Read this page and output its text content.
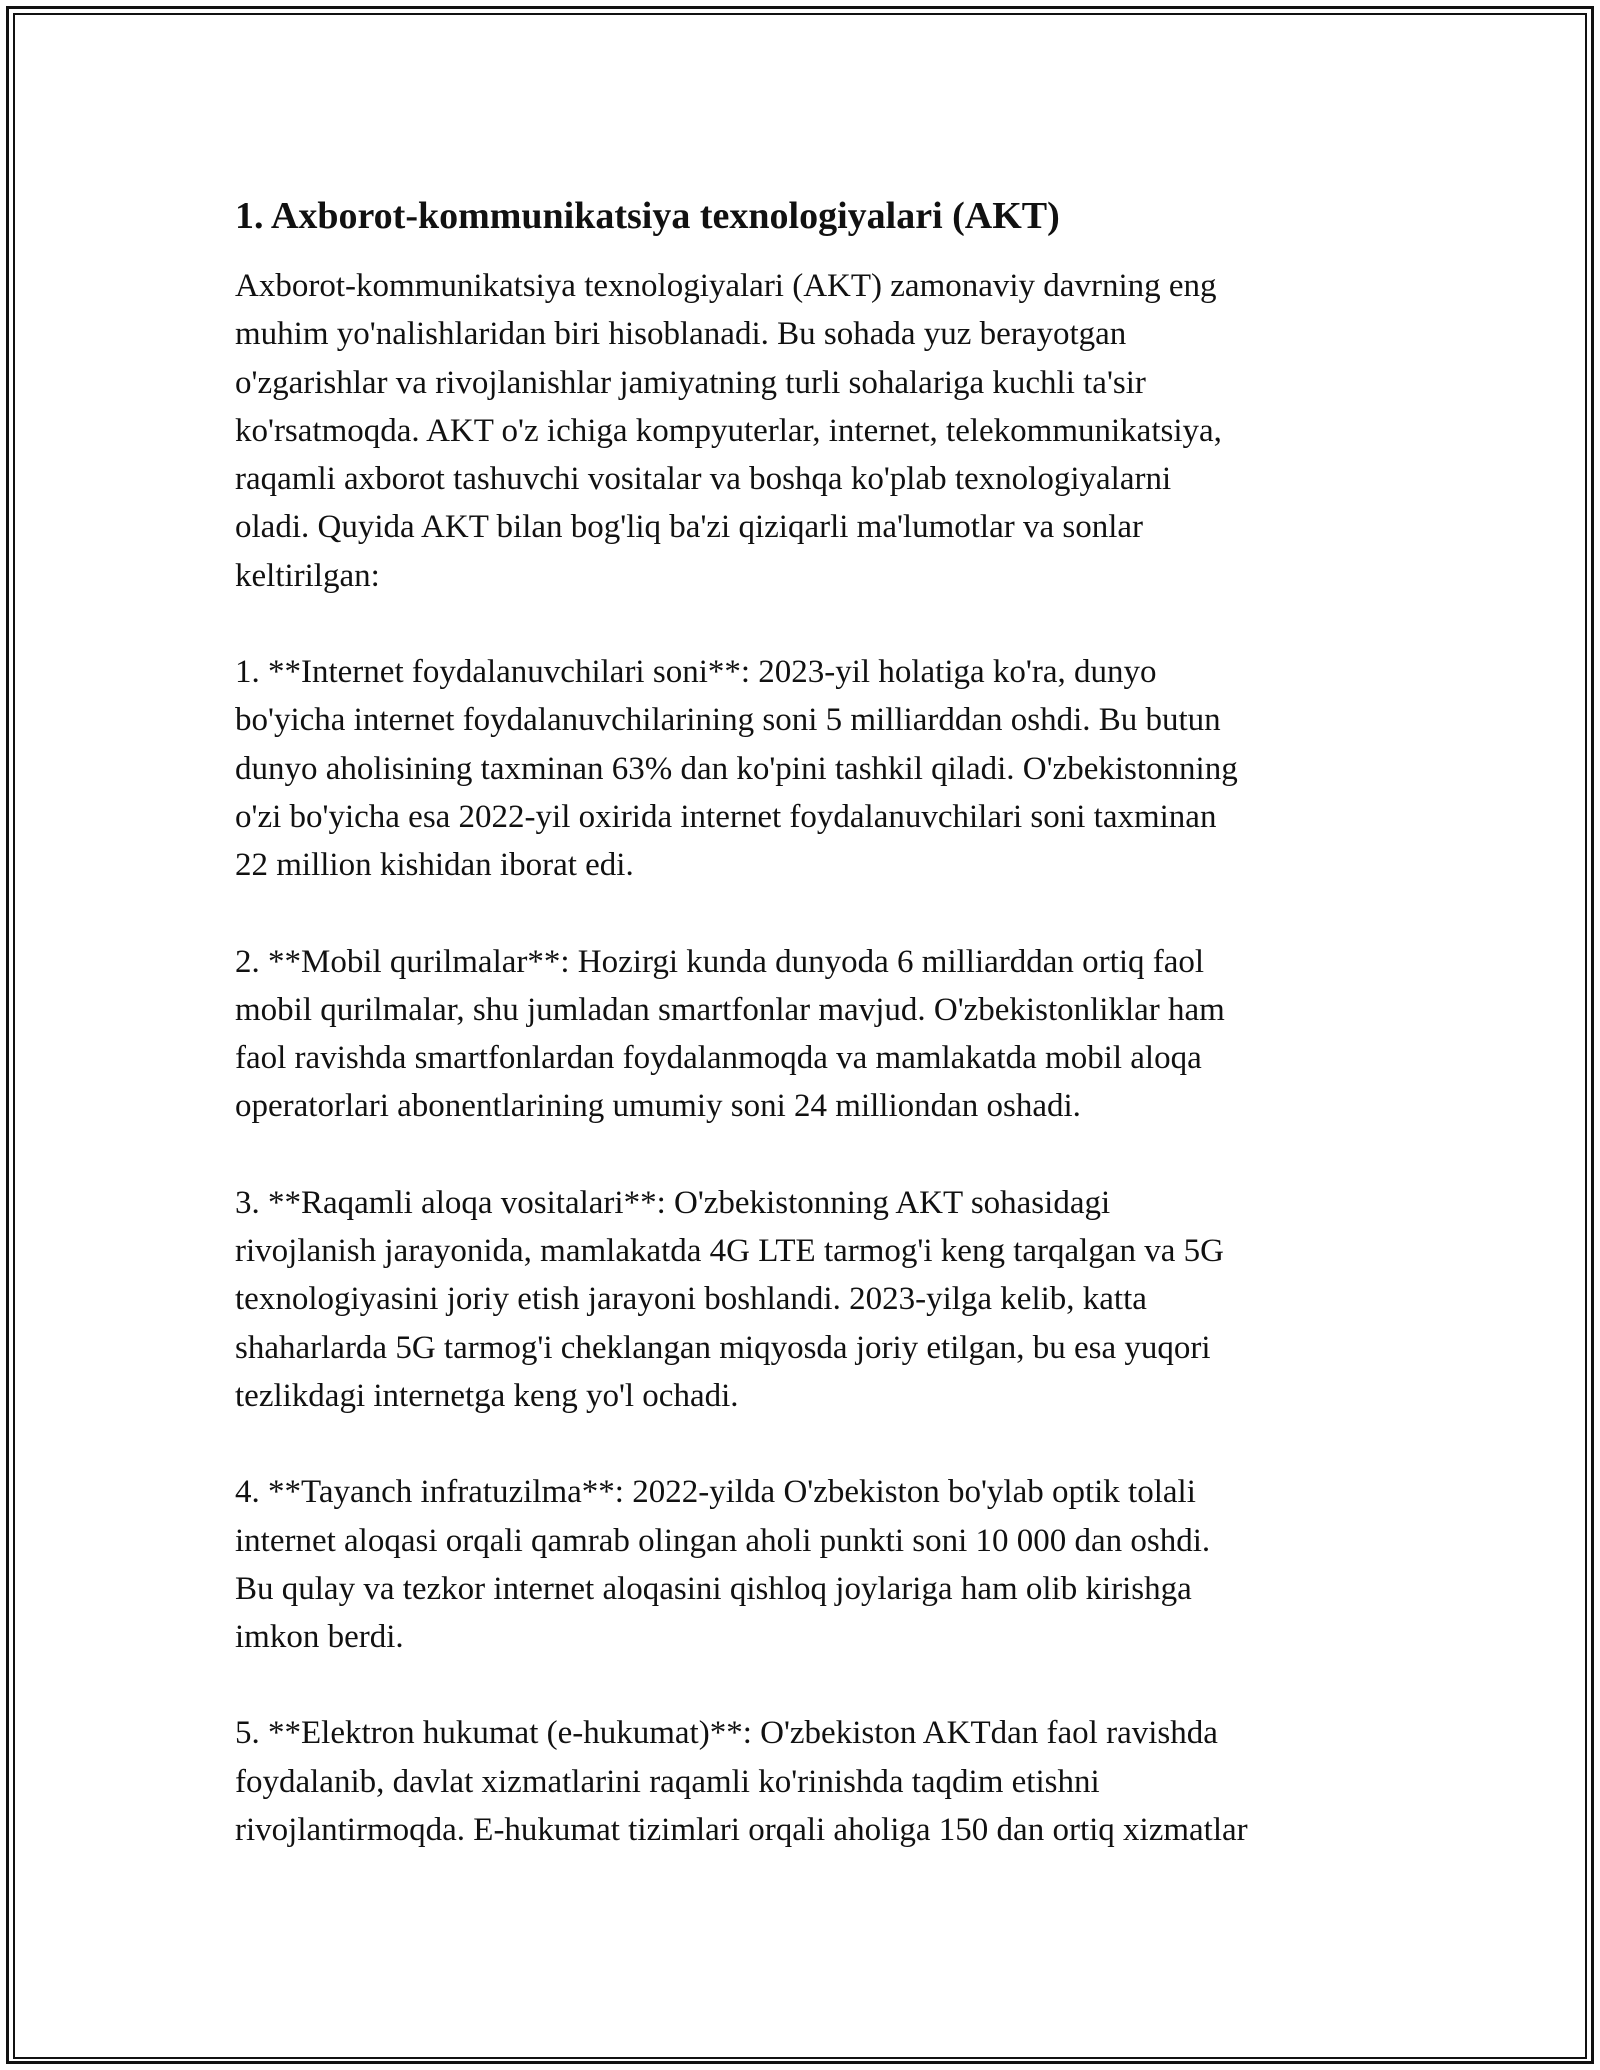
1. Axborot-kommunikatsiya texnologiyalari (AKT)

Axborot-kommunikatsiya texnologiyalari (AKT) zamonaviy davrning eng
muhim yo'nalishlaridan biri hisoblanadi. Bu sohada yuz berayotgan
o'zgarishlar va rivojlanishlar jamiyatning turli sohalariga kuchli ta'sir
ko'rsatmoqda. AKT o'z ichiga kompyuterlar, internet, telekommunikatsiya,
raqamli axborot tashuvchi vositalar va boshqa ko'plab texnologiyalarni
oladi. Quyida AKT bilan bog'liq ba'zi qiziqarli ma'lumotlar va sonlar
keltirilgan:

1. **Internet foydalanuvchilari soni**: 2023-yil holatiga ko'ra, dunyo
bo'yicha internet foydalanuvchilarining soni 5 milliarddan oshdi. Bu butun
dunyo aholisining taxminan 63% dan ko'pini tashkil qiladi. O'zbekistonning
o'zi bo'yicha esa 2022-yil oxirida internet foydalanuvchilari soni taxminan
22 million kishidan iborat edi.

2. **Mobil qurilmalar**: Hozirgi kunda dunyoda 6 milliarddan ortiq faol
mobil qurilmalar, shu jumladan smartfonlar mavjud. O'zbekistonliklar ham
faol ravishda smartfonlardan foydalanmoqda va mamlakatda mobil aloqa
operatorlari abonentlarining umumiy soni 24 milliondan oshadi.

3. **Raqamli aloqa vositalari**: O'zbekistonning AKT sohasidagi
rivojlanish jarayonida, mamlakatda 4G LTE tarmog'i keng tarqalgan va 5G
texnologiyasini joriy etish jarayoni boshlandi. 2023-yilga kelib, katta
shaharlarda 5G tarmog'i cheklangan miqyosda joriy etilgan, bu esa yuqori
tezlikdagi internetga keng yo'l ochadi.

4. **Tayanch infratuzilma**: 2022-yilda O'zbekiston bo'ylab optik tolali
internet aloqasi orqali qamrab olingan aholi punkti soni 10 000 dan oshdi.
Bu qulay va tezkor internet aloqasini qishloq joylariga ham olib kirishga
imkon berdi.

5. **Elektron hukumat (e-hukumat)**: O'zbekiston AKTdan faol ravishda
foydalanib, davlat xizmatlarini raqamli ko'rinishda taqdim etishni
rivojlantirmoqda. E-hukumat tizimlari orqali aholiga 150 dan ortiq xizmatlar
